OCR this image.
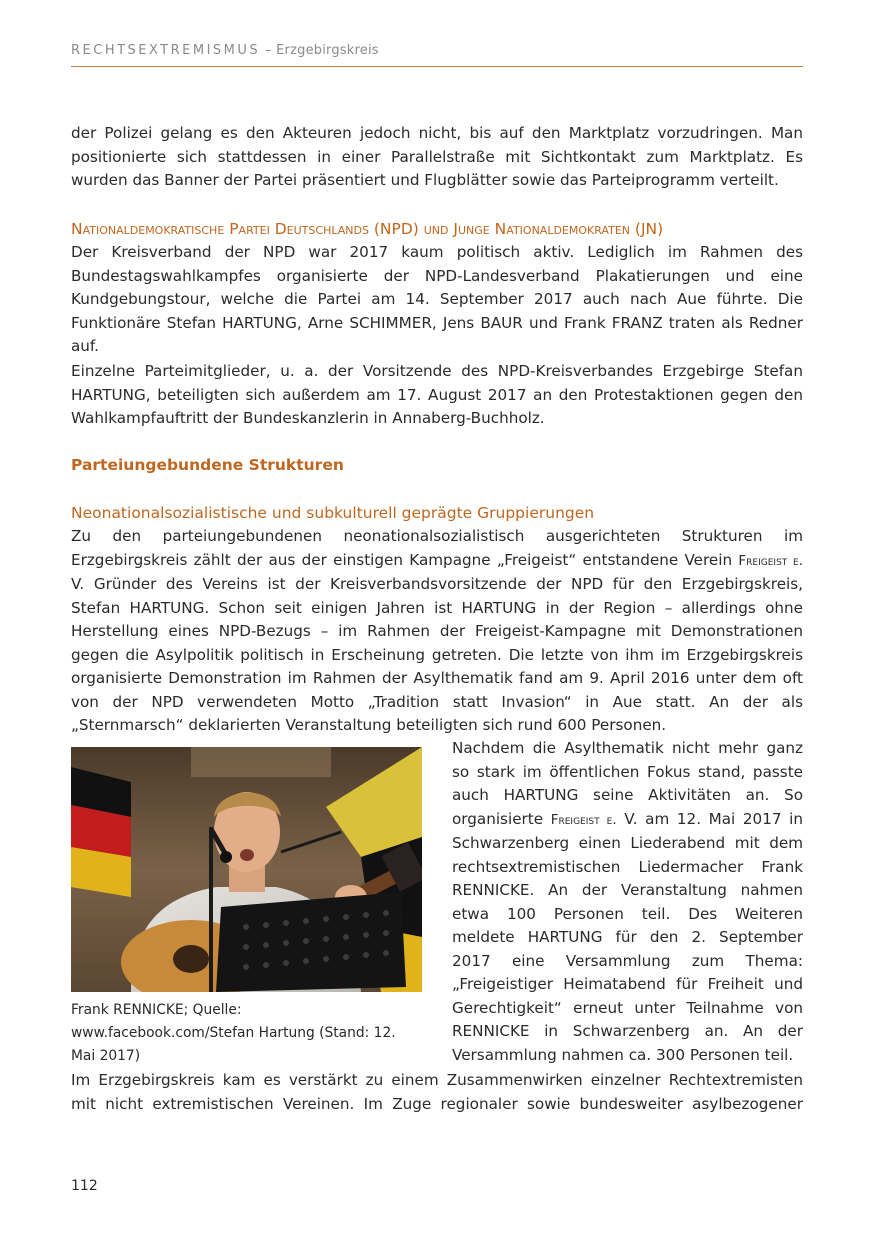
RECHTSEXTREMISMUS – Erzgebirgskreis

der Polizei gelang es den Akteuren jedoch nicht, bis auf den Marktplatz vorzudringen. Man positionierte sich stattdessen in einer Parallelstraße mit Sichtkontakt zum Marktplatz. Es wurden das Banner der Partei präsentiert und Flugblätter sowie das Parteiprogramm verteilt.

Nationaldemokratische Partei Deutschlands (NPD) und Junge Nationaldemokraten (JN)

Der Kreisverband der NPD war 2017 kaum politisch aktiv. Lediglich im Rahmen des Bundestagswahlkampfes organisierte der NPD-Landesverband Plakatierungen und eine Kundgebungstour, welche die Partei am 14. September 2017 auch nach Aue führte. Die Funktionäre Stefan HARTUNG, Arne SCHIMMER, Jens BAUR und Frank FRANZ traten als Redner auf.

Einzelne Parteimitglieder, u. a. der Vorsitzende des NPD-Kreisverbandes Erzgebirge Stefan HARTUNG, beteiligten sich außerdem am 17. August 2017 an den Protestaktionen gegen den Wahlkampfauftritt der Bundeskanzlerin in Annaberg-Buchholz.

Parteiungebundene Strukturen
Neonationalsozialistische und subkulturell geprägte Gruppierungen

Zu den parteiungebundenen neonationalsozialistisch ausgerichteten Strukturen im Erzgebirgskreis zählt der aus der einstigen Kampagne „Freigeist“ entstandene Verein Freigeist e. V. Gründer des Vereins ist der Kreisverbandsvorsitzende der NPD für den Erzgebirgskreis, Stefan HARTUNG. Schon seit einigen Jahren ist HARTUNG in der Region – allerdings ohne Herstellung eines NPD-Bezugs – im Rahmen der Freigeist-Kampagne mit Demonstrationen gegen die Asylpolitik politisch in Erscheinung getreten. Die letzte von ihm im Erzgebirgskreis organisierte Demonstration im Rahmen der Asylthematik fand am 9. April 2016 unter dem oft von der NPD verwendeten Motto „Tradition statt Invasion“ in Aue statt. An der als „Sternmarsch“ deklarierten Veranstaltung beteiligten sich rund 600 Personen.

Frank RENNICKE; Quelle: www.facebook.com/Stefan Hartung (Stand: 12. Mai 2017)

Nachdem die Asylthematik nicht mehr ganz so stark im öffentlichen Fokus stand, passte auch HARTUNG seine Aktivitäten an. So organisierte Freigeist e. V. am 12. Mai 2017 in Schwarzenberg einen Liederabend mit dem rechtsextremistischen Liedermacher Frank RENNICKE. An der Veranstaltung nahmen etwa 100 Personen teil. Des Weiteren meldete HARTUNG für den 2. September 2017 eine Versammlung zum Thema: „Freigeistiger Heimatabend für Freiheit und Gerechtigkeit“ erneut unter Teilnahme von RENNICKE in Schwarzenberg an. An der Versammlung nahmen ca. 300 Personen teil.

Im Erzgebirgskreis kam es verstärkt zu einem Zusammenwirken einzelner Rechtextremisten mit nicht extremistischen Vereinen. Im Zuge regionaler sowie bundesweiter asylbezogener

112
